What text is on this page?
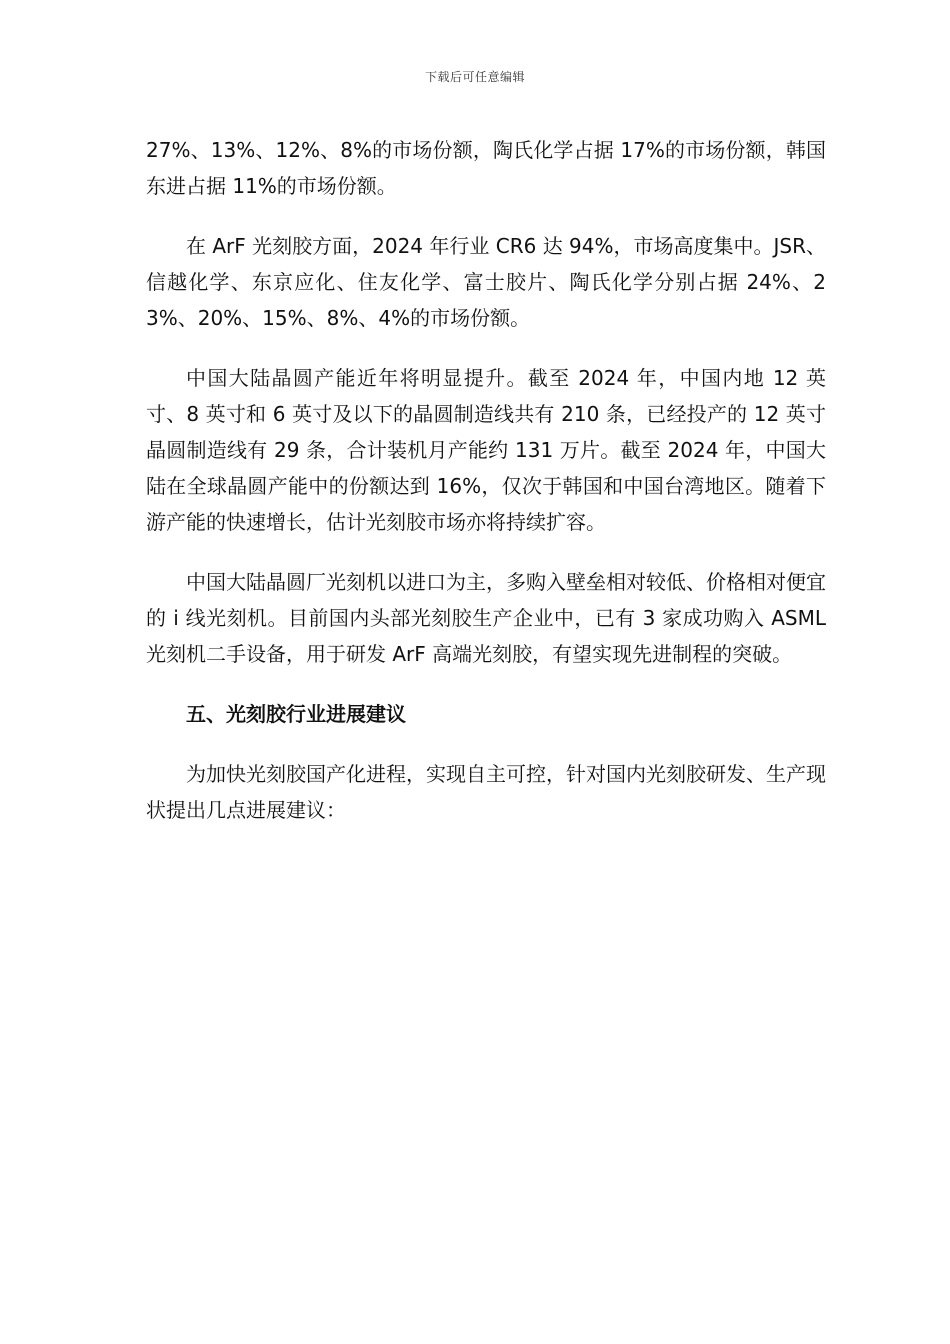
下载后可任意编辑

27%、13%、12%、8%的市场份额，陶氏化学占据 17%的市场份额，韩国东进占据 11%的市场份额。

在 ArF 光刻胶方面，2024 年行业 CR6 达 94%，市场高度集中。JSR、信越化学、东京应化、住友化学、富士胶片、陶氏化学分别占据 24%、23%、20%、15%、8%、4%的市场份额。

中国大陆晶圆产能近年将明显提升。截至 2024 年，中国内地 12 英寸、8 英寸和 6 英寸及以下的晶圆制造线共有 210 条，已经投产的 12 英寸晶圆制造线有 29 条，合计装机月产能约 131 万片。截至 2024 年，中国大陆在全球晶圆产能中的份额达到 16%，仅次于韩国和中国台湾地区。随着下游产能的快速增长，估计光刻胶市场亦将持续扩容。

中国大陆晶圆厂光刻机以进口为主，多购入壁垒相对较低、价格相对便宜的 i 线光刻机。目前国内头部光刻胶生产企业中，已有 3 家成功购入 ASML 光刻机二手设备，用于研发 ArF 高端光刻胶，有望实现先进制程的突破。

五、光刻胶行业进展建议

为加快光刻胶国产化进程，实现自主可控，针对国内光刻胶研发、生产现状提出几点进展建议：
